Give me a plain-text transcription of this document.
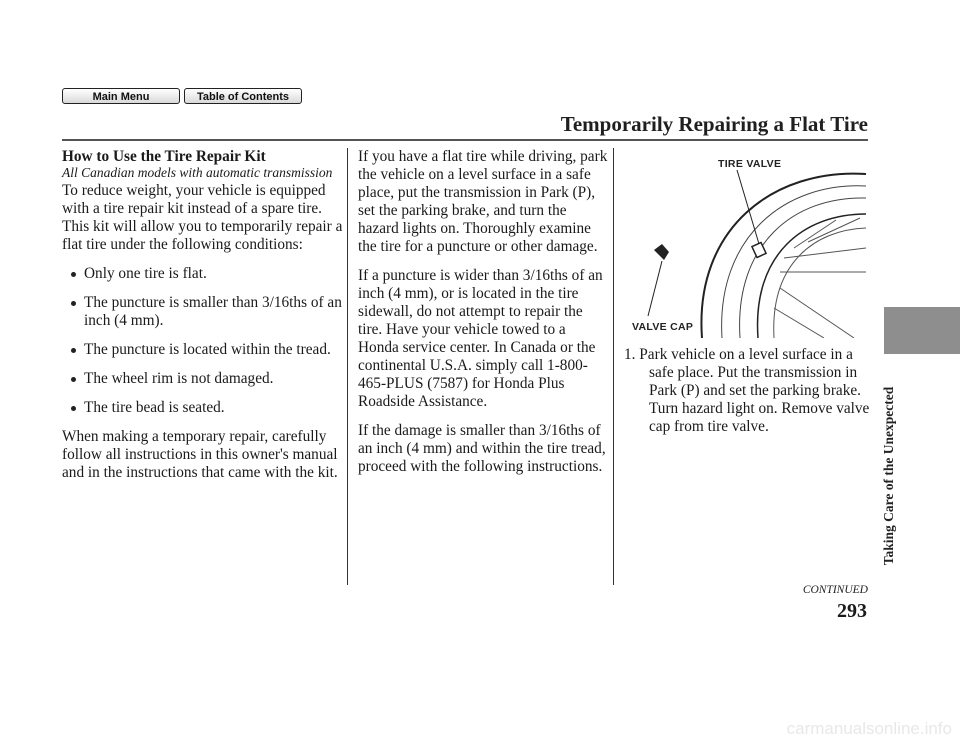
Main Menu	Table of Contents
Temporarily Repairing a Flat Tire

How to Use the Tire Repair Kit

All Canadian models with automatic transmission

To reduce weight, your vehicle is equipped with a tire repair kit instead of a spare tire. This kit will allow you to temporarily repair a flat tire under the following conditions:

Only one tire is flat.
The puncture is smaller than 3/16ths of an inch (4 mm).
The puncture is located within the tread.
The wheel rim is not damaged.
The tire bead is seated.

When making a temporary repair, carefully follow all instructions in this owner's manual and in the instructions that came with the kit.

If you have a flat tire while driving, park the vehicle on a level surface in a safe place, put the transmission in Park (P), set the parking brake, and turn the hazard lights on. Thoroughly examine the tire for a puncture or other damage.

If a puncture is wider than 3/16ths of an inch (4 mm), or is located in the tire sidewall, do not attempt to repair the tire. Have your vehicle towed to a Honda service center. In Canada or the continental U.S.A. simply call 1-800-465-PLUS (7587) for Honda Plus Roadside Assistance.

If the damage is smaller than 3/16ths of an inch (4 mm) and within the tire tread, proceed with the following instructions.

TIRE VALVE
VALVE CAP
1. Park vehicle on a level surface in a safe place. Put the transmission in Park (P) and set the parking brake. Turn hazard light on. Remove valve cap from tire valve.	Taking Care of the Unexpected
CONTINUED
293
carmanualsonline.info
